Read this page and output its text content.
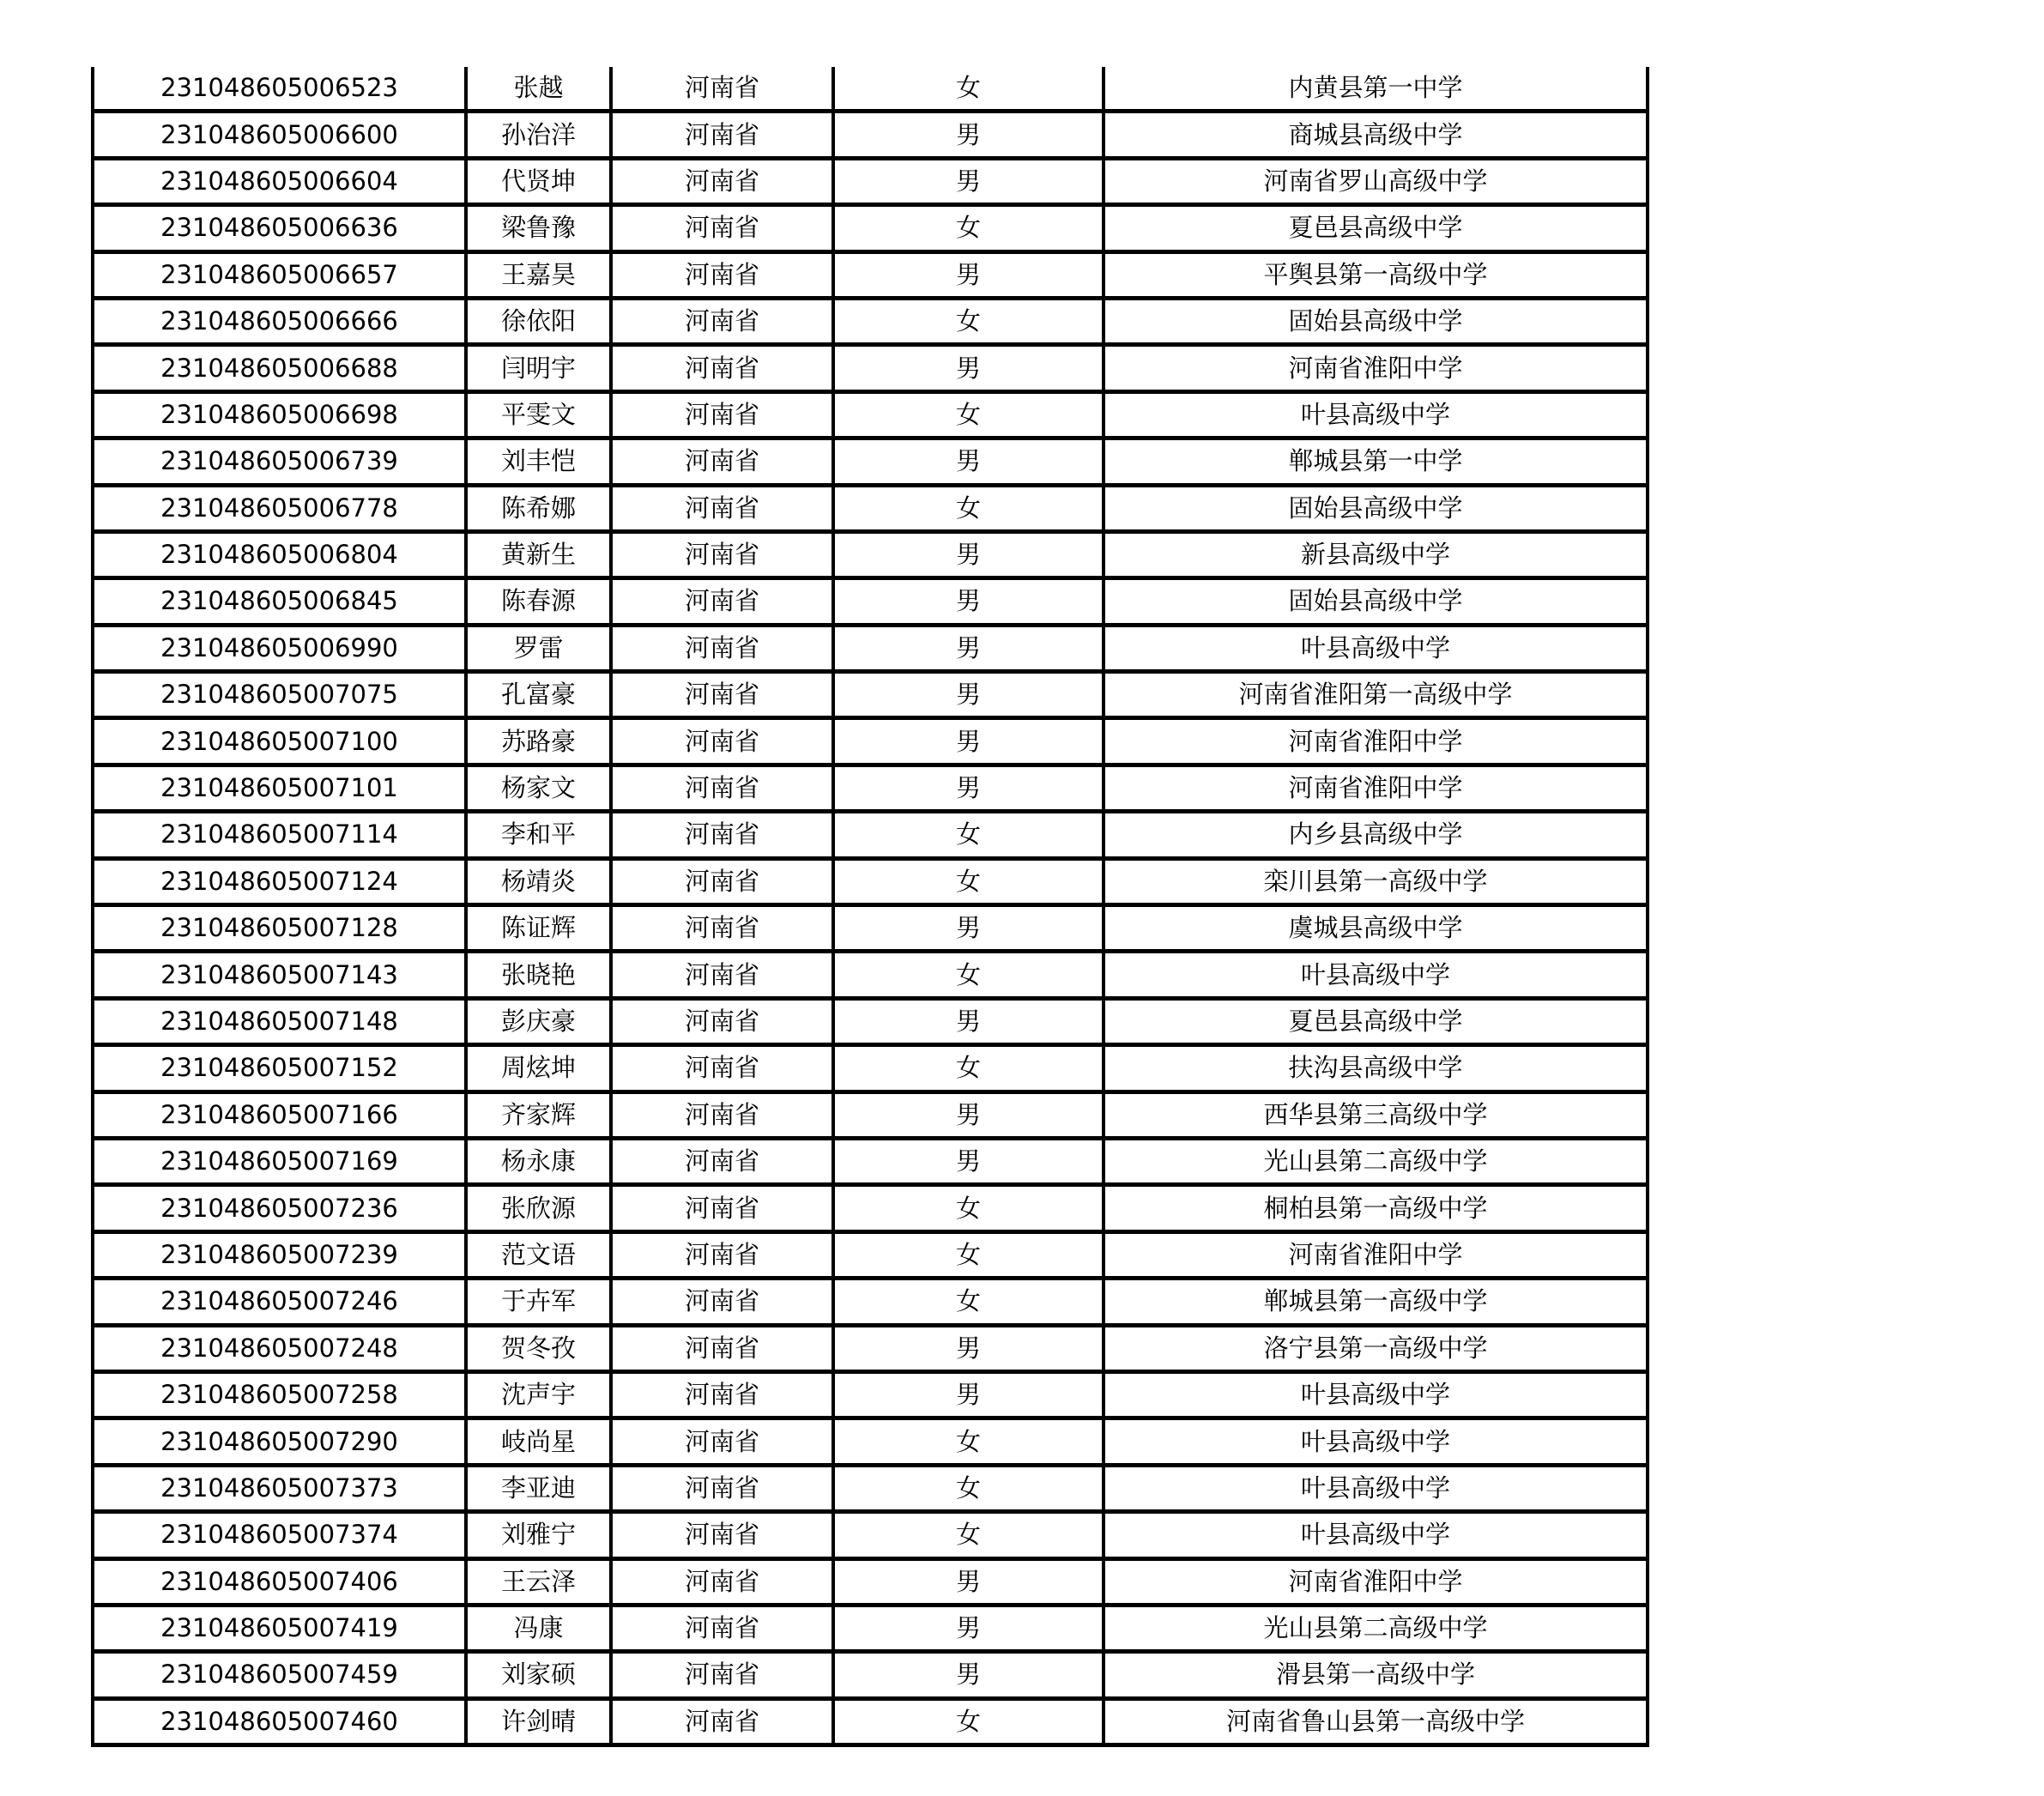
231048605006523	张越	河南省	女	内黄县第一中学
231048605006600	孙治洋	河南省	男	商城县高级中学
231048605006604	代贤坤	河南省	男	河南省罗山高级中学
231048605006636	梁鲁豫	河南省	女	夏邑县高级中学
231048605006657	王嘉昊	河南省	男	平舆县第一高级中学
231048605006666	徐依阳	河南省	女	固始县高级中学
231048605006688	闫明宇	河南省	男	河南省淮阳中学
231048605006698	平雯文	河南省	女	叶县高级中学
231048605006739	刘丰恺	河南省	男	郸城县第一中学
231048605006778	陈希娜	河南省	女	固始县高级中学
231048605006804	黄新生	河南省	男	新县高级中学
231048605006845	陈春源	河南省	男	固始县高级中学
231048605006990	罗雷	河南省	男	叶县高级中学
231048605007075	孔富豪	河南省	男	河南省淮阳第一高级中学
231048605007100	苏路豪	河南省	男	河南省淮阳中学
231048605007101	杨家文	河南省	男	河南省淮阳中学
231048605007114	李和平	河南省	女	内乡县高级中学
231048605007124	杨靖炎	河南省	女	栾川县第一高级中学
231048605007128	陈证辉	河南省	男	虞城县高级中学
231048605007143	张晓艳	河南省	女	叶县高级中学
231048605007148	彭庆豪	河南省	男	夏邑县高级中学
231048605007152	周炫坤	河南省	女	扶沟县高级中学
231048605007166	齐家辉	河南省	男	西华县第三高级中学
231048605007169	杨永康	河南省	男	光山县第二高级中学
231048605007236	张欣源	河南省	女	桐柏县第一高级中学
231048605007239	范文语	河南省	女	河南省淮阳中学
231048605007246	于卉军	河南省	女	郸城县第一高级中学
231048605007248	贺冬孜	河南省	男	洛宁县第一高级中学
231048605007258	沈声宇	河南省	男	叶县高级中学
231048605007290	岐尚星	河南省	女	叶县高级中学
231048605007373	李亚迪	河南省	女	叶县高级中学
231048605007374	刘雅宁	河南省	女	叶县高级中学
231048605007406	王云泽	河南省	男	河南省淮阳中学
231048605007419	冯康	河南省	男	光山县第二高级中学
231048605007459	刘家硕	河南省	男	滑县第一高级中学
231048605007460	许剑晴	河南省	女	河南省鲁山县第一高级中学
